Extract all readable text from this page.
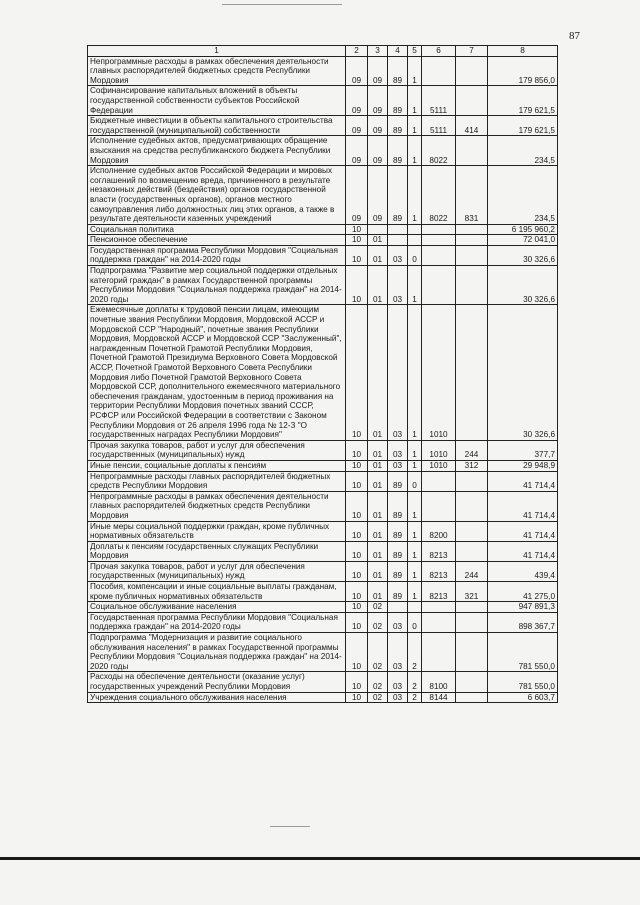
87
1	2	3	4	5	6	7	8
Непрограммные расходы в рамках обеспечения деятельности главных распорядителей бюджетных средств Республики Мордовия	09	09	89	1			179 856,0
Софинансирование капитальных вложений в объекты государственной собственности субъектов Российской Федерации	09	09	89	1	5111		179 621,5
Бюджетные инвестиции в объекты капитального строительства государственной (муниципальной) собственности	09	09	89	1	5111	414	179 621,5
Исполнение судебных актов, предусматривающих обращение взыскания на средства республиканского бюджета Республики Мордовия	09	09	89	1	8022		234,5
Исполнение судебных актов Российской Федерации и мировых соглашений по возмещению вреда, причиненного в результате незаконных действий (бездействия) органов государственной власти (государственных органов), органов местного самоуправления либо должностных лиц этих органов, а также в результате деятельности казенных учреждений	09	09	89	1	8022	831	234,5
Социальная политика	10						6 195 960,2
Пенсионное обеспечение	10	01					72 041,0
Государственная программа Республики Мордовия "Социальная поддержка граждан" на 2014-2020 годы	10	01	03	0			30 326,6
Подпрограмма "Развитие мер социальной поддержки отдельных категорий граждан" в рамках Государственной программы Республики Мордовия "Социальная поддержка граждан" на 2014-2020 годы	10	01	03	1			30 326,6
Ежемесячные доплаты к трудовой пенсии лицам, имеющим почетные звания Республики Мордовия, Мордовской АССР и Мордовской ССР "Народный", почетные звания Республики Мордовия, Мордовской АССР и Мордовской ССР "Заслуженный", награжденным Почетной Грамотой Республики Мордовия, Почетной Грамотой Президиума Верховного Совета Мордовской АССР, Почетной Грамотой Верховного Совета Республики Мордовия либо Почетной Грамотой Верховного Совета Мордовской ССР, дополнительного ежемесячного материального обеспечения гражданам, удостоенным в период проживания на территории Республики Мордовия почетных званий СССР, РСФСР или Российской Федерации в соответствии с Законом Республики Мордовия от 26 апреля 1996 года № 12-З "О государственных наградах Республики Мордовия"	10	01	03	1	1010		30 326,6
Прочая закупка товаров, работ и услуг для обеспечения государственных (муниципальных) нужд	10	01	03	1	1010	244	377,7
Иные пенсии, социальные доплаты к пенсиям	10	01	03	1	1010	312	29 948,9
Непрограммные расходы главных распорядителей бюджетных средств Республики Мордовия	10	01	89	0			41 714,4
Непрограммные расходы в рамках обеспечения деятельности главных распорядителей бюджетных средств Республики Мордовия	10	01	89	1			41 714,4
Иные меры социальной поддержки граждан, кроме публичных нормативных обязательств	10	01	89	1	8200		41 714,4
Доплаты к пенсиям государственных служащих Республики Мордовия	10	01	89	1	8213		41 714,4
Прочая закупка товаров, работ и услуг для обеспечения государственных (муниципальных) нужд	10	01	89	1	8213	244	439,4
Пособия, компенсации и иные социальные выплаты гражданам, кроме публичных нормативных обязательств	10	01	89	1	8213	321	41 275,0
Социальное обслуживание населения	10	02					947 891,3
Государственная программа Республики Мордовия "Социальная поддержка граждан" на 2014-2020 годы	10	02	03	0			898 367,7
Подпрограмма "Модернизация и развитие социального обслуживания населения" в рамках Государственной программы Республики Мордовия "Социальная поддержка граждан" на 2014-2020 годы	10	02	03	2			781 550,0
Расходы на обеспечение деятельности (оказание услуг) государственных учреждений Республики Мордовия	10	02	03	2	8100		781 550,0
Учреждения социального обслуживания населения	10	02	03	2	8144		6 603,7
